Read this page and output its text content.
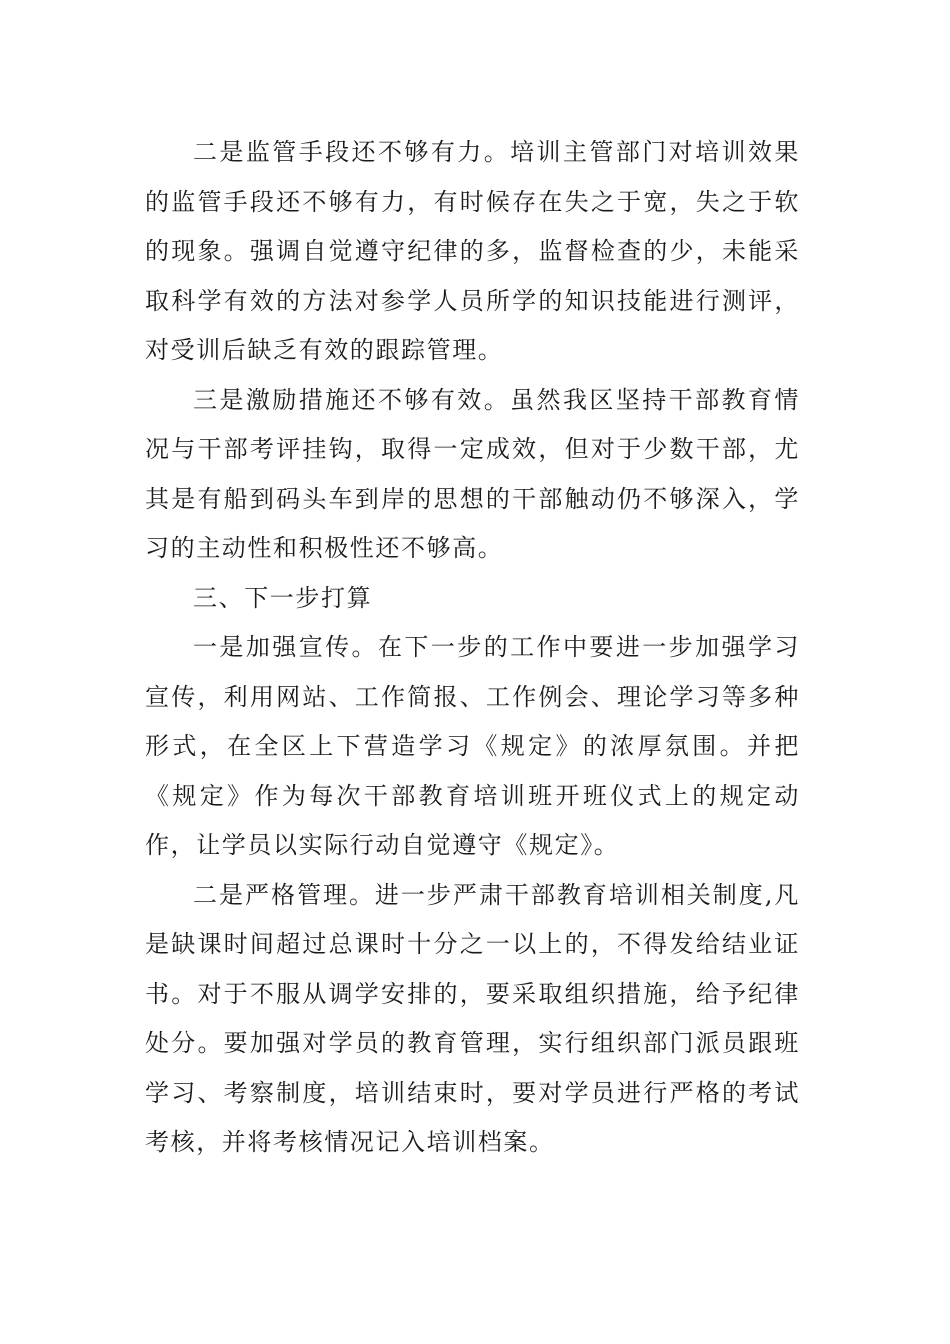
二是监管手段还不够有力。培训主管部门对培训效果的监管手段还不够有力，有时候存在失之于宽，失之于软的现象。强调自觉遵守纪律的多，监督检查的少，未能采取科学有效的方法对参学人员所学的知识技能进行测评，对受训后缺乏有效的跟踪管理。

三是激励措施还不够有效。虽然我区坚持干部教育情况与干部考评挂钩，取得一定成效，但对于少数干部，尤其是有船到码头车到岸的思想的干部触动仍不够深入，学习的主动性和积极性还不够高。

三、下一步打算

一是加强宣传。在下一步的工作中要进一步加强学习宣传，利用网站、工作简报、工作例会、理论学习等多种形式，在全区上下营造学习《规定》的浓厚氛围。并把《规定》作为每次干部教育培训班开班仪式上的规定动作，让学员以实际行动自觉遵守《规定》。

二是严格管理。进一步严肃干部教育培训相关制度,凡是缺课时间超过总课时十分之一以上的，不得发给结业证书。对于不服从调学安排的，要采取组织措施，给予纪律处分。要加强对学员的教育管理，实行组织部门派员跟班学习、考察制度，培训结束时，要对学员进行严格的考试考核，并将考核情况记入培训档案。
